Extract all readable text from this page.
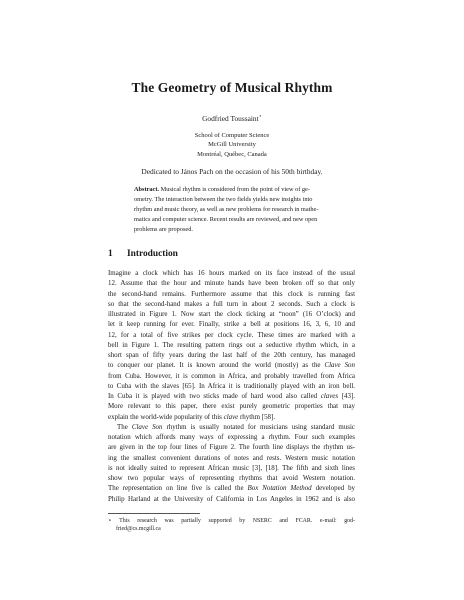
The Geometry of Musical Rhythm
Godfried Toussaint⋆
School of Computer Science
McGill University
Montréal, Québec, Canada
Dedicated to János Pach on the occasion of his 50th birthday.
Abstract. Musical rhythm is considered from the point of view of ge-
ometry. The interaction between the two fields yields new insights into
rhythm and music theory, as well as new problems for research in mathe-
matics and computer science. Recent results are reviewed, and new open
problems are proposed.
1 Introduction
Imagine a clock which has 16 hours marked on its face instead of the usual
12. Assume that the hour and minute hands have been broken off so that only
the second-hand remains. Furthermore assume that this clock is running fast
so that the second-hand makes a full turn in about 2 seconds. Such a clock is
illustrated in Figure 1. Now start the clock ticking at “noon” (16 O’clock) and
let it keep running for ever. Finally, strike a bell at positions 16, 3, 6, 10 and
12, for a total of five strikes per clock cycle. These times are marked with a
bell in Figure 1. The resulting pattern rings out a seductive rhythm which, in a
short span of fifty years during the last half of the 20th century, has managed
to conquer our planet. It is known around the world (mostly) as the Clave Son
from Cuba. However, it is common in Africa, and probably travelled from Africa
to Cuba with the slaves [65]. In Africa it is traditionally played with an iron bell.
In Cuba it is played with two sticks made of hard wood also called claves [43].
More relevant to this paper, there exist purely geometric properties that may
explain the world-wide popularity of this clave rhythm [58].
The Clave Son rhythm is usually notated for musicians using standard music
notation which affords many ways of expressing a rhythm. Four such examples
are given in the top four lines of Figure 2. The fourth line displays the rhythm us-
ing the smallest convenient durations of notes and rests. Western music notation
is not ideally suited to represent African music [3], [18]. The fifth and sixth lines
show two popular ways of representing rhythms that avoid Western notation.
The representation on line five is called the Box Notation Method developed by
Philip Harland at the University of California in Los Angeles in 1962 and is also
⋆ This research was partially supported by NSERC and FCAR. e-mail: god-
fried@cs.mcgill.ca
